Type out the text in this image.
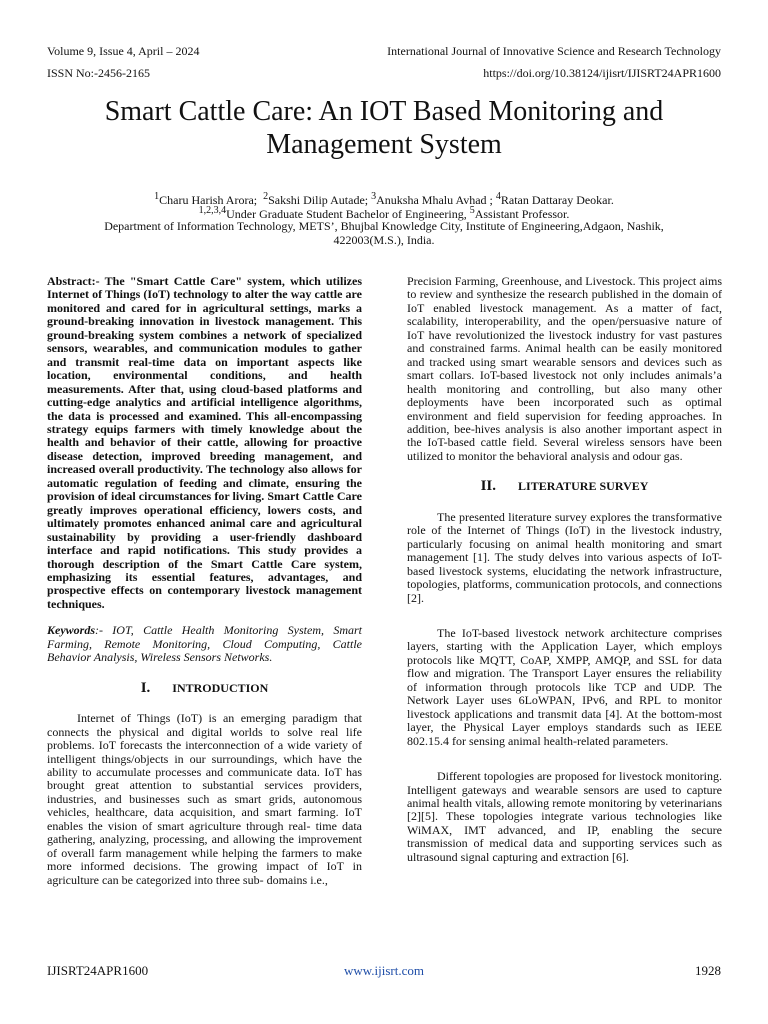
Volume 9, Issue 4, April – 2024
ISSN No:-2456-2165
International Journal of Innovative Science and Research Technology
https://doi.org/10.38124/ijisrt/IJISRT24APR1600
Smart Cattle Care: An IOT Based Monitoring and
Management System
$^1$Charu Harish Arora; $^2$Sakshi Dilip Autade; $^3$Anuksha Mhalu Avhad ; $^4$Ratan Dattaray Deokar.
$^{1,2,3,4}$Under Graduate Student Bachelor of Engineering, $^5$Assistant Professor.
Department of Information Technology, METS’, Bhujbal Knowledge City, Institute of Engineering,Adgaon, Nashik,
422003(M.S.), India.

Abstract:- The "Smart Cattle Care" system, which utilizes Internet of Things (IoT) technology to alter the way cattle are monitored and cared for in agricultural settings, marks a ground-breaking innovation in livestock management. This ground-breaking system combines a network of specialized sensors, wearables, and communication modules to gather and transmit real-time data on important aspects like location, environmental conditions, and health measurements. After that, using cloud-based platforms and cutting-edge analytics and artificial intelligence algorithms, the data is processed and examined. This all-encompassing strategy equips farmers with timely knowledge about the health and behavior of their cattle, allowing for proactive disease detection, improved breeding management, and increased overall productivity. The technology also allows for automatic regulation of feeding and climate, ensuring the provision of ideal circumstances for living. Smart Cattle Care greatly improves operational efficiency, lowers costs, and ultimately promotes enhanced animal care and agricultural sustainability by providing a user-friendly dashboard interface and rapid notifications. This study provides a thorough description of the Smart Cattle Care system, emphasizing its essential features, advantages, and prospective effects on contemporary livestock management techniques.

Keywords:- IOT, Cattle Health Monitoring System, Smart Farming, Remote Monitoring, Cloud Computing, Cattle Behavior Analysis, Wireless Sensors Networks.

I. INTRODUCTION

Internet of Things (IoT) is an emerging paradigm that connects the physical and digital worlds to solve real life problems. IoT forecasts the interconnection of a wide variety of intelligent things/objects in our surroundings, which have the ability to accumulate processes and communicate data. IoT has brought great attention to substantial services providers, industries, and businesses such as smart grids, autonomous vehicles, healthcare, data acquisition, and smart farming. IoT enables the vision of smart agriculture through real- time data gathering, analyzing, processing, and allowing the improvement of overall farm management while helping the farmers to make more informed decisions. The growing impact of IoT in agriculture can be categorized into three sub- domains i.e.,

Precision Farming, Greenhouse, and Livestock. This project aims to review and synthesize the research published in the domain of IoT enabled livestock management. As a matter of fact, scalability, interoperability, and the open/persuasive nature of IoT have revolutionized the livestock industry for vast pastures and constrained farms. Animal health can be easily monitored and tracked using smart wearable sensors and devices such as smart collars. IoT-based livestock not only includes animals’a health monitoring and controlling, but also many other deployments have been incorporated such as optimal environment and field supervision for feeding approaches. In addition, bee-hives analysis is also another important aspect in the IoT-based cattle field. Several wireless sensors have been utilized to monitor the behavioral analysis and odour gas.

II. LITERATURE SURVEY

The presented literature survey explores the transformative role of the Internet of Things (IoT) in the livestock industry, particularly focusing on animal health monitoring and smart management [1]. The study delves into various aspects of IoT-based livestock systems, elucidating the network infrastructure, topologies, platforms, communication protocols, and connections [2].

The IoT-based livestock network architecture comprises layers, starting with the Application Layer, which employs protocols like MQTT, CoAP, XMPP, AMQP, and SSL for data flow and migration. The Transport Layer ensures the reliability of information through protocols like TCP and UDP. The Network Layer uses 6LoWPAN, IPv6, and RPL to monitor livestock applications and transmit data [4]. At the bottom-most layer, the Physical Layer employs standards such as IEEE 802.15.4 for sensing animal health-related parameters.

Different topologies are proposed for livestock monitoring. Intelligent gateways and wearable sensors are used to capture animal health vitals, allowing remote monitoring by veterinarians [2][5]. These topologies integrate various technologies like WiMAX, IMT advanced, and IP, enabling the secure transmission of medical data and supporting services such as ultrasound signal capturing and extraction [6].

IJISRT24APR1600	www.ijisrt.com	1928
